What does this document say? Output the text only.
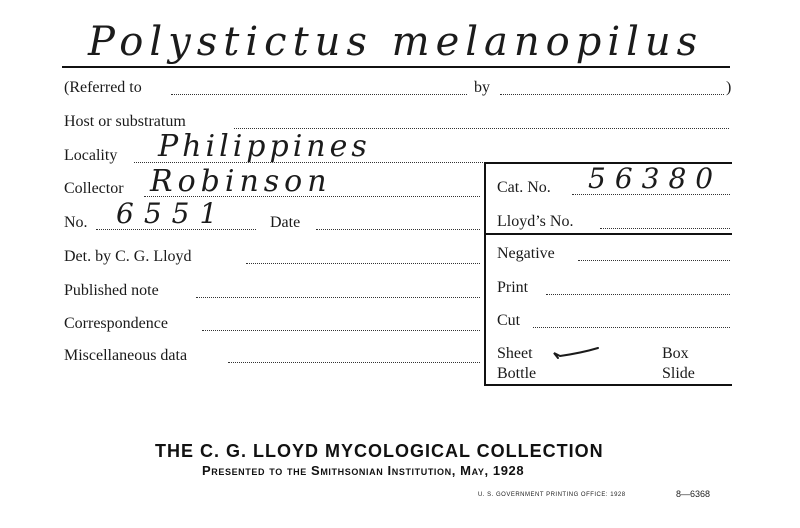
Polystictus melanopilus
(Referred to	by	)
Host or substratum
Locality Philippines
Collector Robinson
No. 6551	Date
Det. by C. G. Lloyd
Published note
Correspondence
Miscellaneous data
Cat. No. 56380
Lloyd’s No.
Negative
Print
Cut
Sheet	Box
Bottle	Slide
THE C. G. LLOYD MYCOLOGICAL COLLECTION
Presented to the Smithsonian Institution, May, 1928
U. S. GOVERNMENT PRINTING OFFICE: 1928	8—6368
